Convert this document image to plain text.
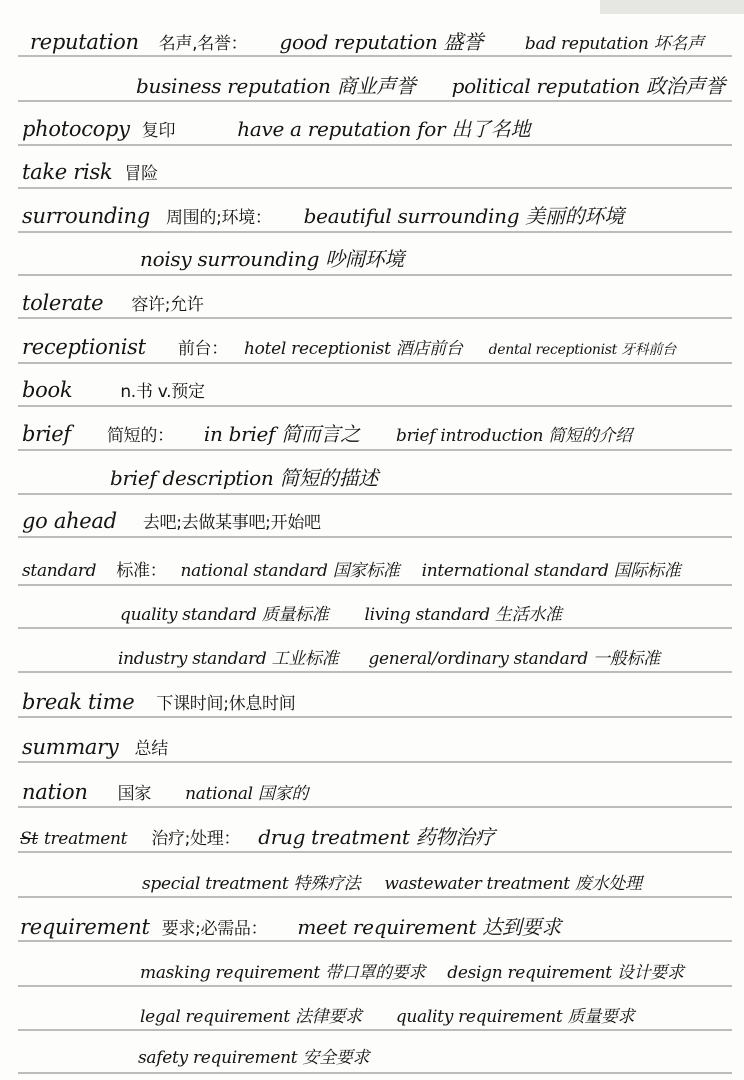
reputation 名声,名誉： good reputation 盛誉 bad reputation 坏名声
business reputation 商业声誉 political reputation 政治声誉
photocopy 复印	have a reputation for 出了名地
take risk 冒险
surrounding 周围的;环境： beautiful surrounding 美丽的环境
noisy surrounding 吵闹环境
tolerate 容许;允许
receptionist 前台： hotel receptionist 酒店前台 dental receptionist 牙科前台
book	n.书 v.预定
brief 简短的： in brief 简而言之 brief introduction 简短的介绍
brief description 简短的描述
go ahead 去吧;去做某事吧;开始吧
standard 标准： national standard 国家标准 international standard 国际标准
quality standard 质量标准 living standard 生活水准
industry standard 工业标准 general/ordinary standard 一般标准
break time 下课时间;休息时间
summary 总结
nation 国家 national 国家的
St treatment 治疗;处理： drug treatment 药物治疗
special treatment 特殊疗法 wastewater treatment 废水处理
requirement 要求;必需品： meet requirement 达到要求
masking requirement 带口罩的要求 design requirement 设计要求
legal requirement 法律要求 quality requirement 质量要求
safety requirement 安全要求
